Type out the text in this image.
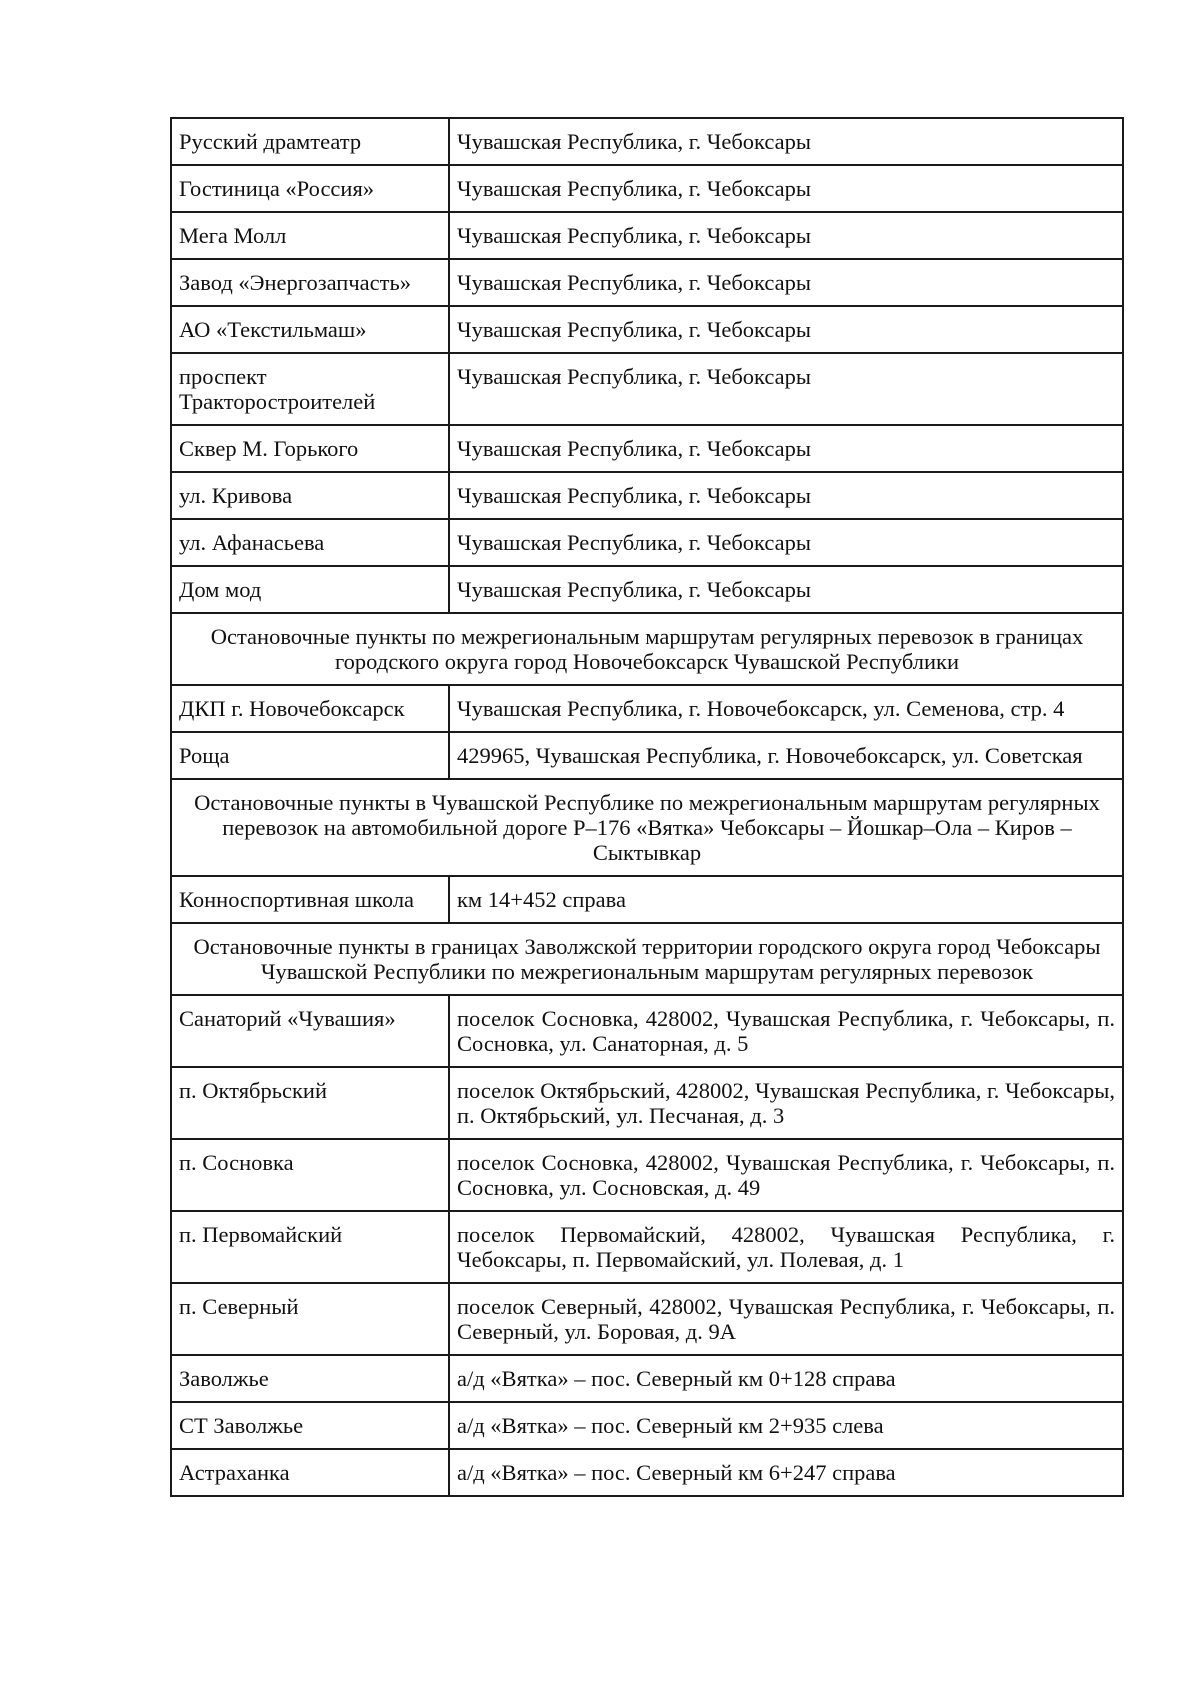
Русский драмтеатр	Чувашская Республика, г. Чебоксары
Гостиница «Россия»	Чувашская Республика, г. Чебоксары
Мега Молл	Чувашская Республика, г. Чебоксары
Завод «Энергозапчасть»	Чувашская Республика, г. Чебоксары
АО «Текстильмаш»	Чувашская Республика, г. Чебоксары
проспект Тракторостроителей	Чувашская Республика, г. Чебоксары
Сквер М. Горького	Чувашская Республика, г. Чебоксары
ул. Кривова	Чувашская Республика, г. Чебоксары
ул. Афанасьева	Чувашская Республика, г. Чебоксары
Дом мод	Чувашская Республика, г. Чебоксары
Остановочные пункты по межрегиональным маршрутам регулярных перевозок в границах городского округа город Новочебоксарск Чувашской Республики	
ДКП г. Новочебоксарск	Чувашская Республика, г. Новочебоксарск, ул. Семенова, стр. 4
Роща	429965, Чувашская Республика, г. Новочебоксарск, ул. Советская
Остановочные пункты в Чувашской Республике по межрегиональным маршрутам регулярных перевозок на автомобильной дороге Р–176 «Вятка» Чебоксары – Йошкар–Ола – Киров – Сыктывкар	
Конноспортивная школа	км 14+452 справа
Остановочные пункты в границах Заволжской территории городского округа город Чебоксары Чувашской Республики по межрегиональным маршрутам регулярных перевозок	
Санаторий «Чувашия»	поселок Сосновка, 428002, Чувашская Республика, г. Чебоксары, п. Сосновка, ул. Санаторная, д. 5
п. Октябрьский	поселок Октябрьский, 428002, Чувашская Республика, г. Чебоксары, п. Октябрьский, ул. Песчаная, д. 3
п. Сосновка	поселок Сосновка, 428002, Чувашская Республика, г. Чебоксары, п. Сосновка, ул. Сосновская, д. 49
п. Первомайский	поселок Первомайский, 428002, Чувашская Республика, г. Чебоксары, п. Первомайский, ул. Полевая, д. 1
п. Северный	поселок Северный, 428002, Чувашская Республика, г. Чебоксары, п. Северный, ул. Боровая, д. 9А
Заволжье	а/д «Вятка» – пос. Северный км 0+128 справа
СТ Заволжье	а/д «Вятка» – пос. Северный км 2+935 слева
Астраханка	а/д «Вятка» – пос. Северный км 6+247 справа
